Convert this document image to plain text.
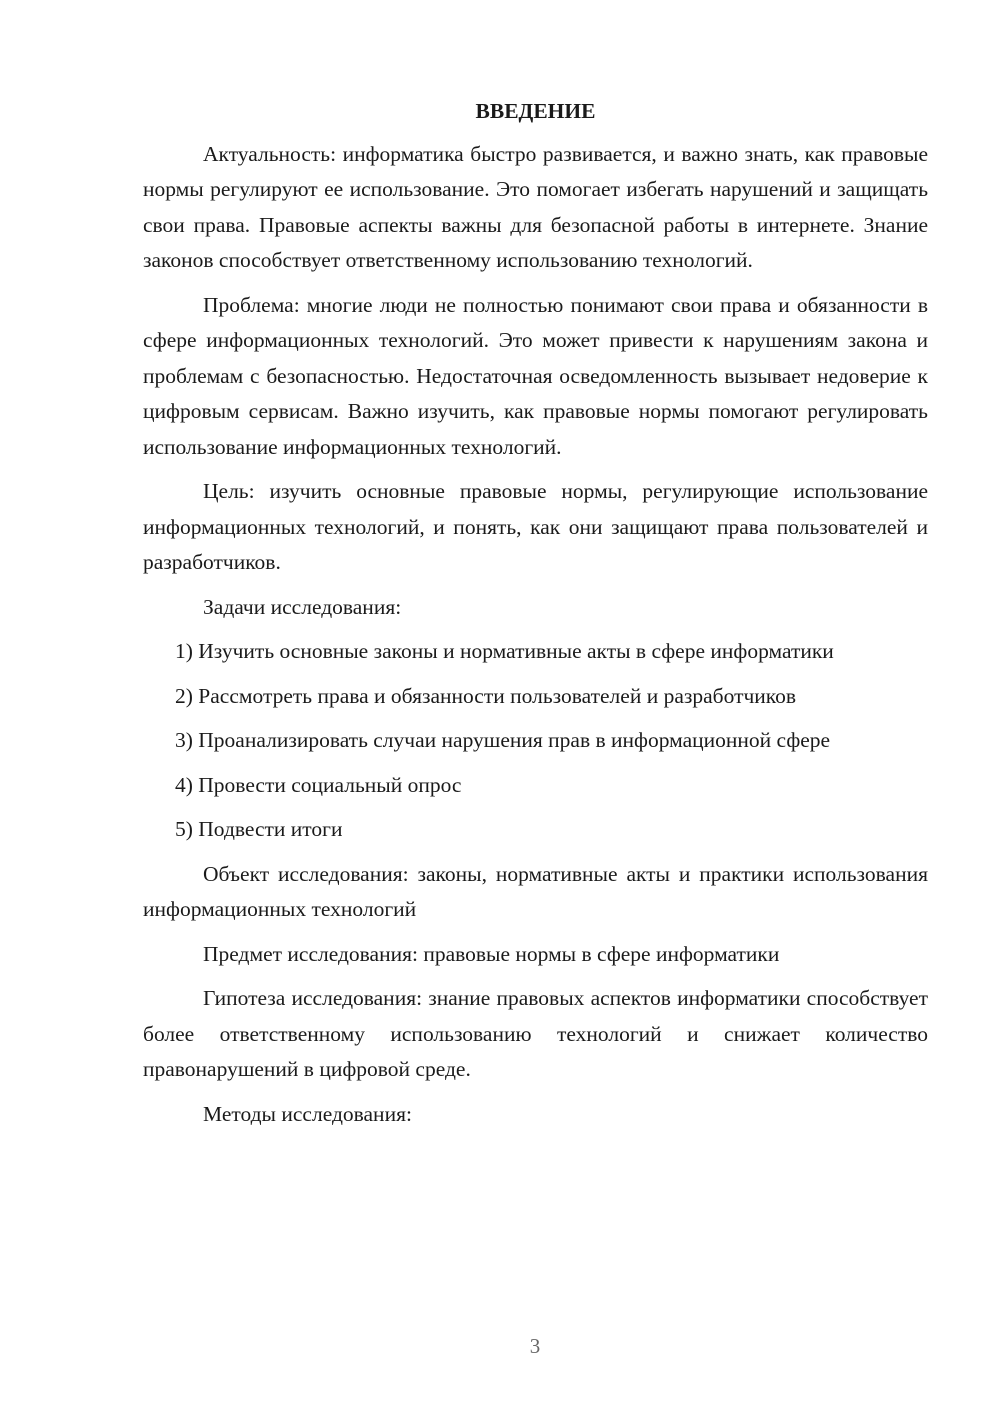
ВВЕДЕНИЕ

Актуальность: информатика быстро развивается, и важно знать, как правовые нормы регулируют ее использование. Это помогает избегать нарушений и защищать свои права. Правовые аспекты важны для безопасной работы в интернете. Знание законов способствует ответственному использованию технологий.

Проблема: многие люди не полностью понимают свои права и обязанности в сфере информационных технологий. Это может привести к нарушениям закона и проблемам с безопасностью. Недостаточная осведомленность вызывает недоверие к цифровым сервисам. Важно изучить, как правовые нормы помогают регулировать использование информационных технологий.

Цель: изучить основные правовые нормы, регулирующие использование информационных технологий, и понять, как они защищают права пользователей и разработчиков.

Задачи исследования:

1) Изучить основные законы и нормативные акты в сфере информатики

2) Рассмотреть права и обязанности пользователей и разработчиков

3) Проанализировать случаи нарушения прав в информационной сфере

4) Провести социальный опрос

5) Подвести итоги

Объект исследования: законы, нормативные акты и практики использования информационных технологий

Предмет исследования: правовые нормы в сфере информатики

Гипотеза исследования: знание правовых аспектов информатики способствует более ответственному использованию технологий и снижает количество правонарушений в цифровой среде.

Методы исследования:

3
